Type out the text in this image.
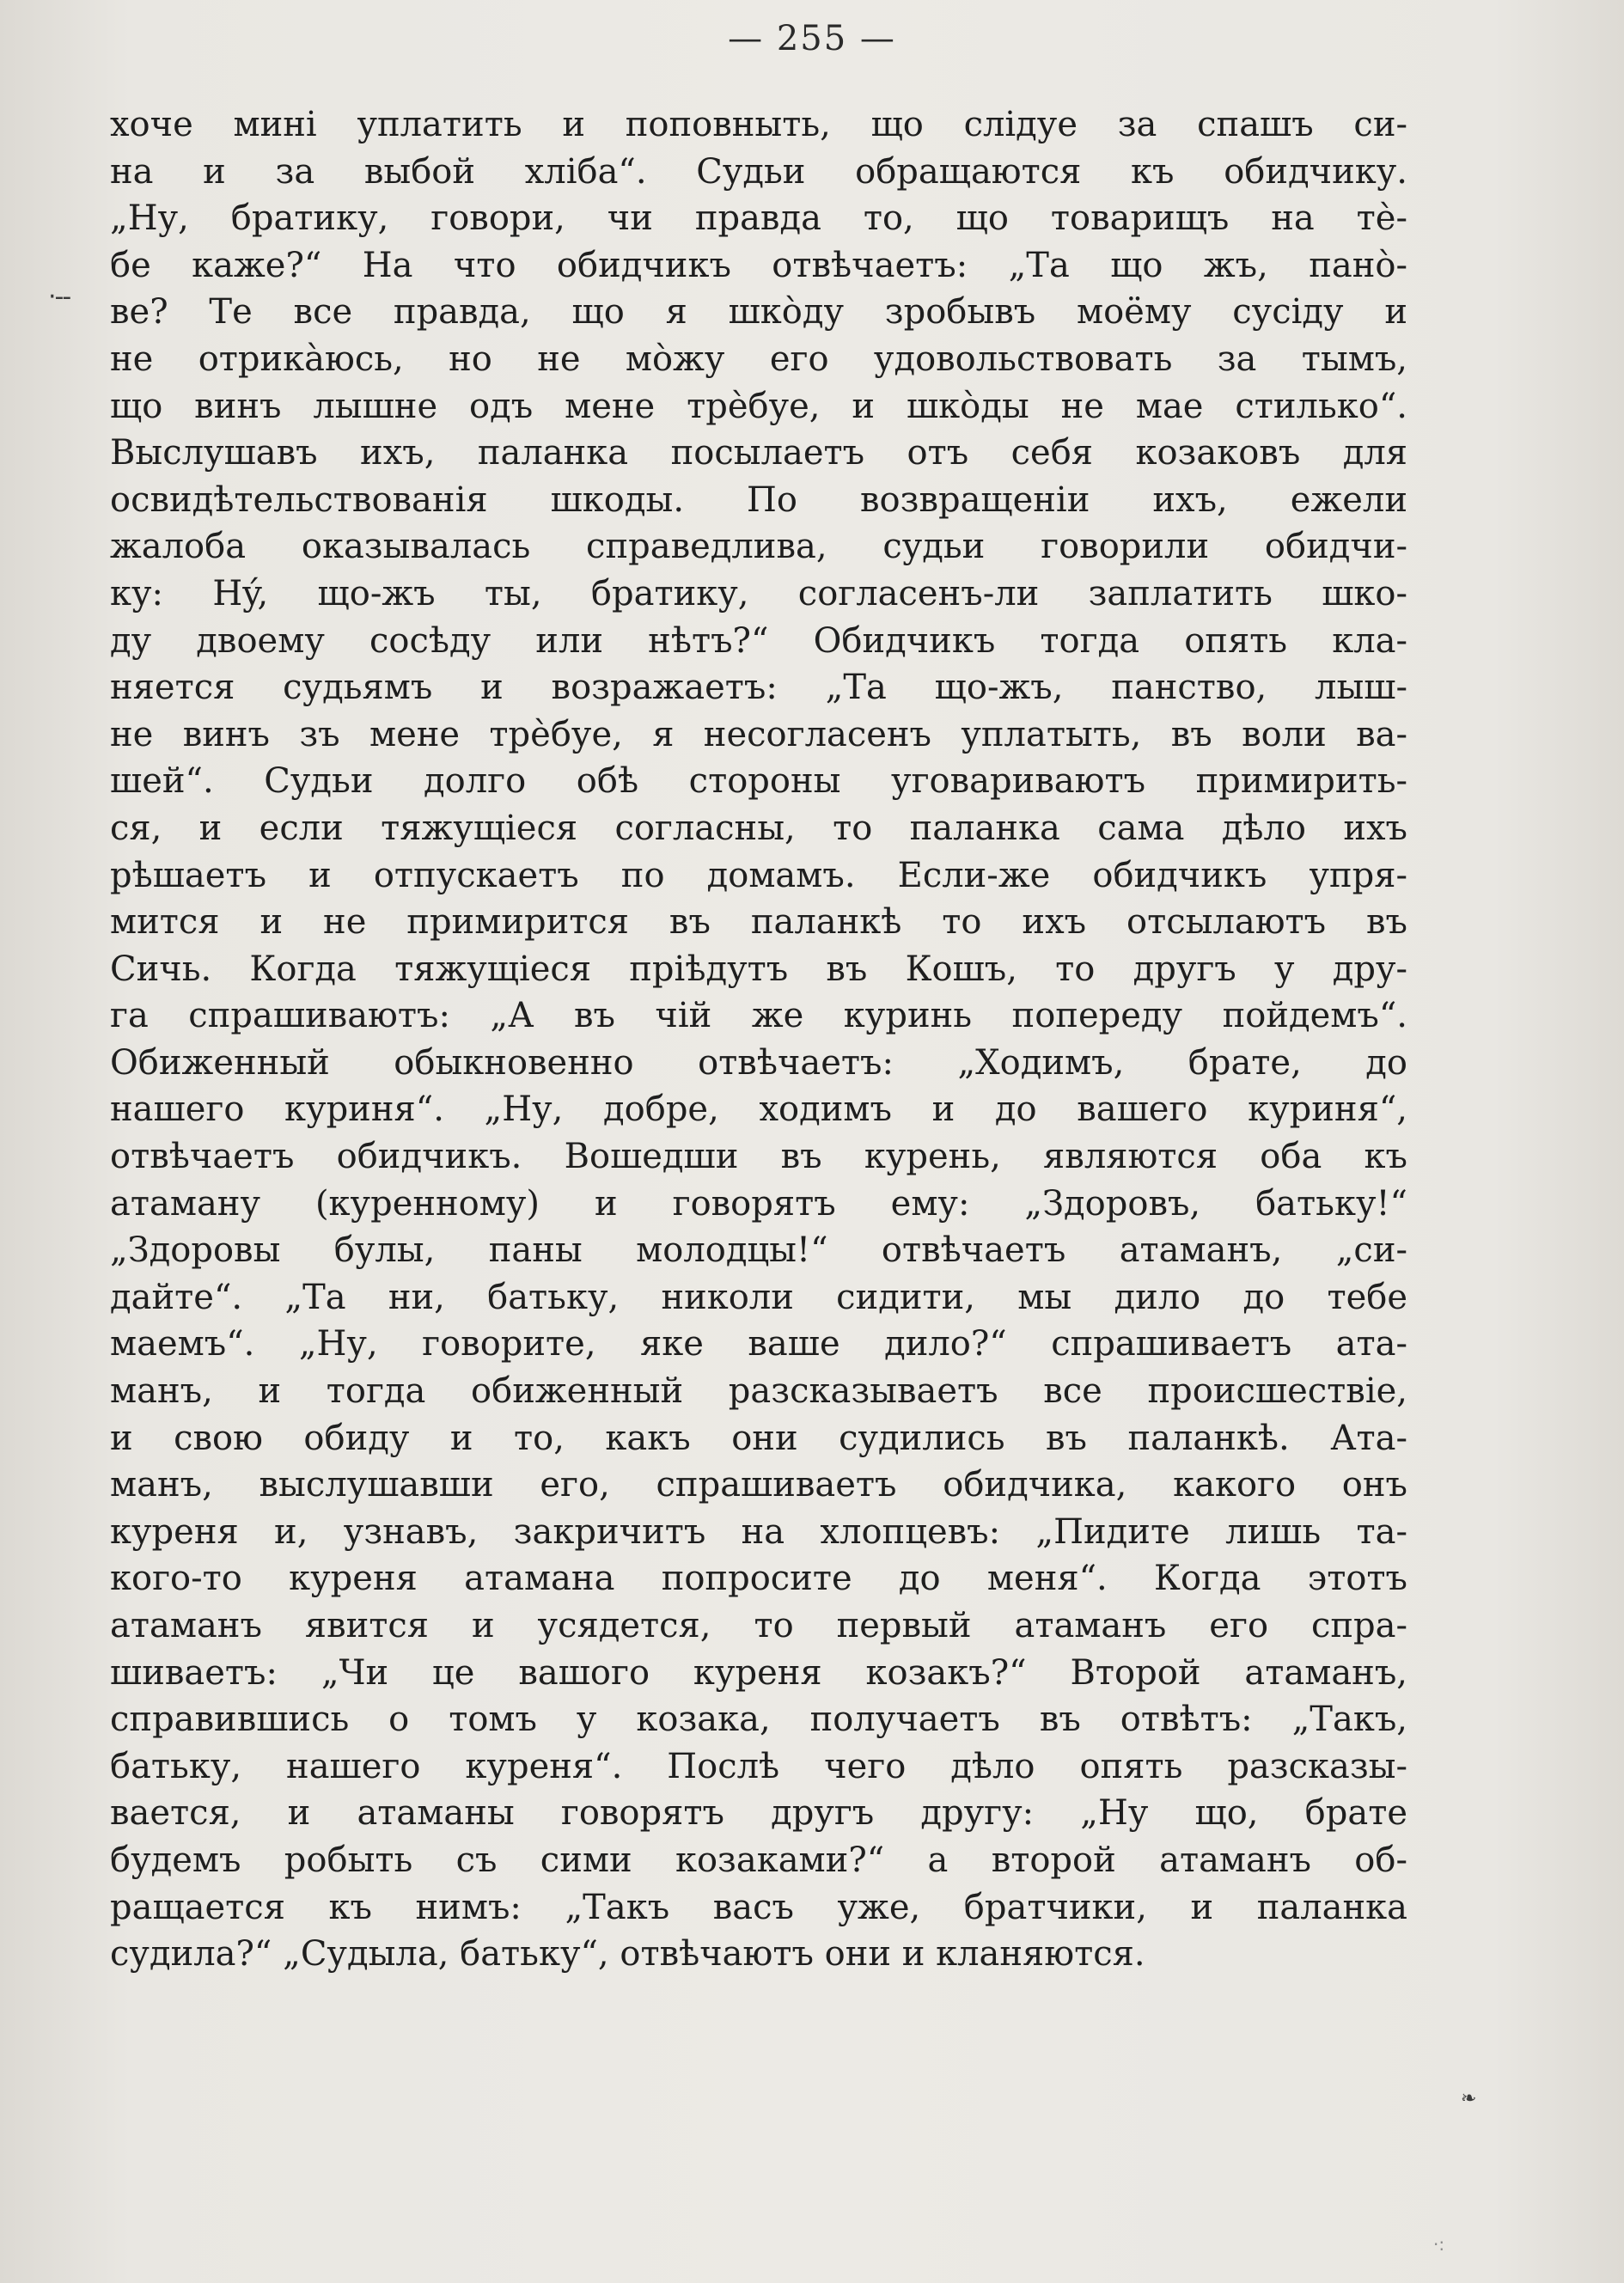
— 255 —
·--
хоче мині уплатить и поповныть, що слідуе за спашъ си-
на и за выбой хліба“. Судьи обращаются къ обидчику.
„Ну, братику, говори, чи правда то, що товарищъ на тѐ-
бе каже?“ На что обидчикъ отвѣчаетъ: „Та що жъ, панò-
ве? Те все правда, що я шкòду зробывъ моёму сусіду и
не отрикàюсь, но не мòжу его удовольствовать за тымъ,
що винъ лышне одъ мене трѐбуе, и шкòды не мае стилько“.
Выслушавъ ихъ, паланка посылаетъ отъ себя козаковъ для
освидѣтельствованія шкоды. По возвращеніи ихъ, ежели
жалоба оказывалась справедлива, судьи говорили обидчи-
ку: Нý, що-жъ ты, братику, согласенъ-ли заплатить шко-
ду двоему сосѣду или нѣтъ?“ Обидчикъ тогда опять кла-
няется судьямъ и возражаетъ: „Та що-жъ, панство, лыш-
не винъ зъ мене трѐбуе, я несогласенъ уплатыть, въ воли ва-
шей“. Судьи долго обѣ стороны уговариваютъ примирить-
ся, и если тяжущіеся согласны, то паланка сама дѣло ихъ
рѣшаетъ и отпускаетъ по домамъ. Если-же обидчикъ упря-
мится и не примирится въ паланкѣ то ихъ отсылаютъ въ
Сичь. Когда тяжущіеся пріѣдутъ въ Кошъ, то другъ у дру-
га спрашиваютъ: „А въ чій же куринь попереду пойдемъ“.
Обиженный обыкновенно отвѣчаетъ: „Ходимъ, брате, до
нашего куриня“. „Ну, добре, ходимъ и до вашего куриня“,
отвѣчаетъ обидчикъ. Вошедши въ курень, являются оба къ
атаману (куренному) и говорятъ ему: „Здоровъ, батьку!“
„Здоровы булы, паны молодцы!“ отвѣчаетъ атаманъ, „си-
дайте“. „Та ни, батьку, николи сидити, мы дило до тебе
маемъ“. „Ну, говорите, яке ваше дило?“ спрашиваетъ ата-
манъ, и тогда обиженный разсказываетъ все происшествіе,
и свою обиду и то, какъ они судились въ паланкѣ. Ата-
манъ, выслушавши его, спрашиваетъ обидчика, какого онъ
куреня и, узнавъ, закричитъ на хлопцевъ: „Пидите лишь та-
кого-то куреня атамана попросите до меня“. Когда этотъ
атаманъ явится и усядется, то первый атаманъ его спра-
шиваетъ: „Чи це вашого куреня козакъ?“ Второй атаманъ,
справившись о томъ у козака, получаетъ въ отвѣтъ: „Такъ,
батьку, нашего куреня“. Послѣ чего дѣло опять разсказы-
вается, и атаманы говорятъ другъ другу: „Ну що, брате
будемъ робыть съ сими козаками?“ а второй атаманъ об-
ращается къ нимъ: „Такъ васъ уже, братчики, и паланка
судила?“ „Судыла, батьку“, отвѣчаютъ они и кланяются.
❧
·:
